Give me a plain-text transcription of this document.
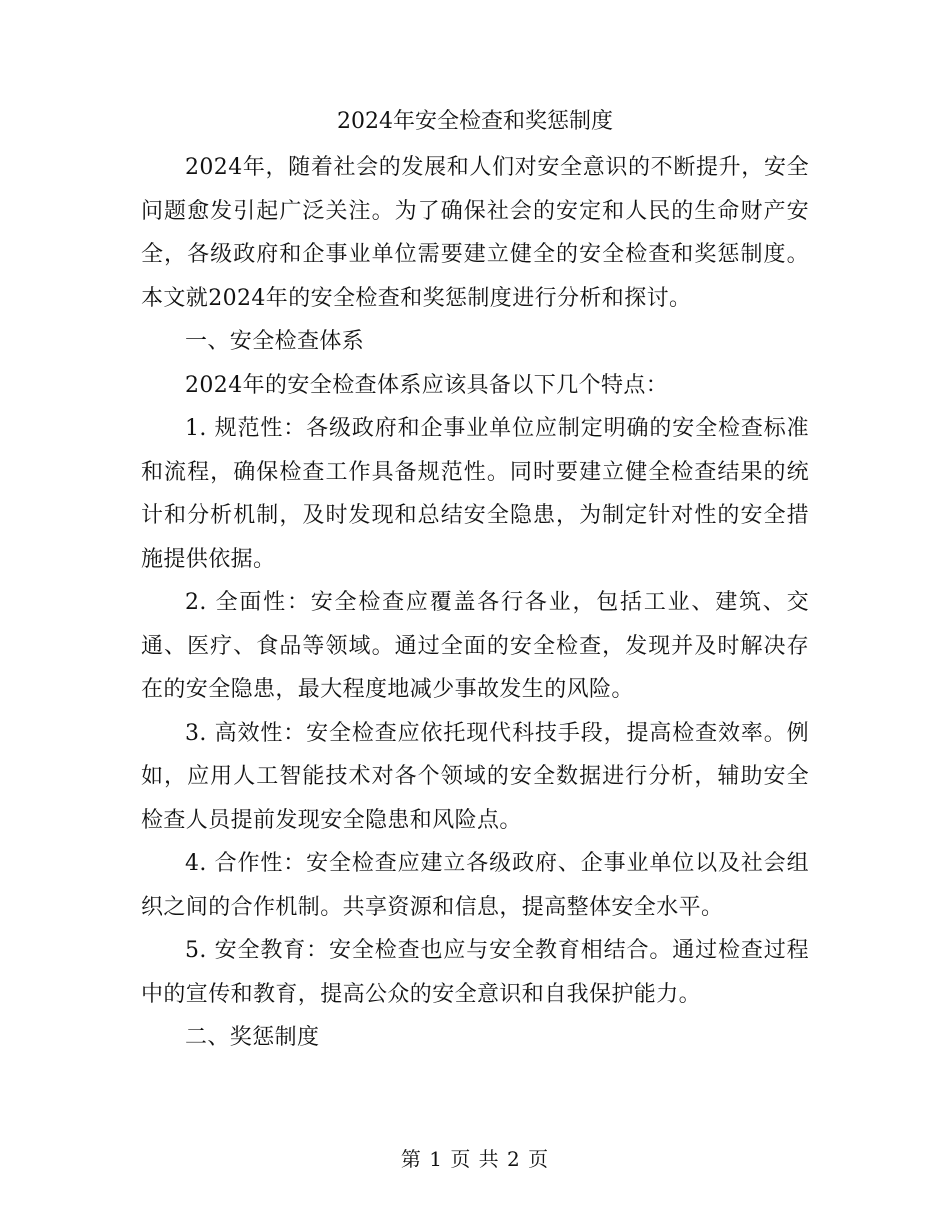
2024年安全检查和奖惩制度

2024年，随着社会的发展和人们对安全意识的不断提升，安全问题愈发引起广泛关注。为了确保社会的安定和人民的生命财产安全，各级政府和企事业单位需要建立健全的安全检查和奖惩制度。本文就2024年的安全检查和奖惩制度进行分析和探讨。

一、安全检查体系

2024年的安全检查体系应该具备以下几个特点：

1. 规范性：各级政府和企事业单位应制定明确的安全检查标准和流程，确保检查工作具备规范性。同时要建立健全检查结果的统计和分析机制，及时发现和总结安全隐患，为制定针对性的安全措施提供依据。

2. 全面性：安全检查应覆盖各行各业，包括工业、建筑、交通、医疗、食品等领域。通过全面的安全检查，发现并及时解决存在的安全隐患，最大程度地减少事故发生的风险。

3. 高效性：安全检查应依托现代科技手段，提高检查效率。例如，应用人工智能技术对各个领域的安全数据进行分析，辅助安全检查人员提前发现安全隐患和风险点。

4. 合作性：安全检查应建立各级政府、企事业单位以及社会组织之间的合作机制。共享资源和信息，提高整体安全水平。

5. 安全教育：安全检查也应与安全教育相结合。通过检查过程中的宣传和教育，提高公众的安全意识和自我保护能力。

二、奖惩制度

第 1 页 共 2 页
